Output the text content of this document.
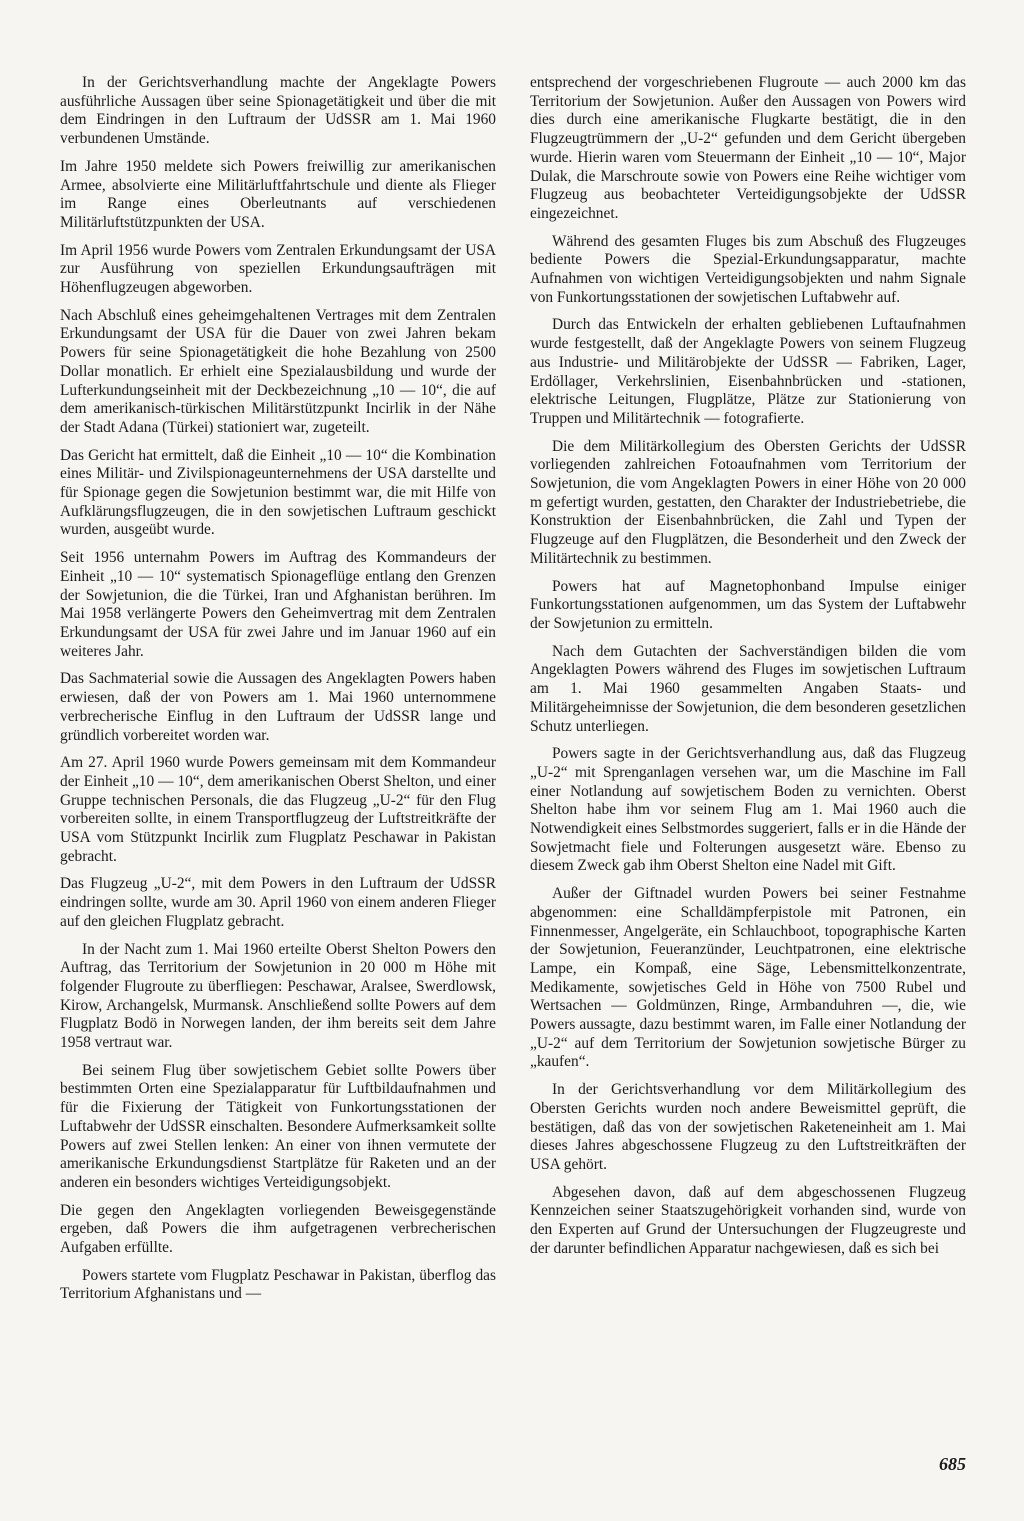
In der Gerichtsverhandlung machte der Angeklagte Powers ausführliche Aussagen über seine Spionagetätigkeit und über die mit dem Eindringen in den Luftraum der UdSSR am 1. Mai 1960 verbundenen Umstände.

Im Jahre 1950 meldete sich Powers freiwillig zur amerikanischen Armee, absolvierte eine Militärluftfahrtschule und diente als Flieger im Range eines Oberleutnants auf verschiedenen Militärluftstützpunkten der USA.

Im April 1956 wurde Powers vom Zentralen Erkundungsamt der USA zur Ausführung von speziellen Erkundungsaufträgen mit Höhenflugzeugen abgeworben.

Nach Abschluß eines geheimgehaltenen Vertrages mit dem Zentralen Erkundungsamt der USA für die Dauer von zwei Jahren bekam Powers für seine Spionagetätigkeit die hohe Bezahlung von 2500 Dollar monatlich. Er erhielt eine Spezialausbildung und wurde der Lufterkundungseinheit mit der Deckbezeichnung „10 — 10“, die auf dem amerikanisch-türkischen Militärstützpunkt Incirlik in der Nähe der Stadt Adana (Türkei) stationiert war, zugeteilt.

Das Gericht hat ermittelt, daß die Einheit „10 — 10“ die Kombination eines Militär- und Zivilspionageunternehmens der USA darstellte und für Spionage gegen die Sowjetunion bestimmt war, die mit Hilfe von Aufklärungsflugzeugen, die in den sowjetischen Luftraum geschickt wurden, ausgeübt wurde.

Seit 1956 unternahm Powers im Auftrag des Kommandeurs der Einheit „10 — 10“ systematisch Spionageflüge entlang den Grenzen der Sowjetunion, die die Türkei, Iran und Afghanistan berühren. Im Mai 1958 verlängerte Powers den Geheimvertrag mit dem Zentralen Erkundungsamt der USA für zwei Jahre und im Januar 1960 auf ein weiteres Jahr.

Das Sachmaterial sowie die Aussagen des Angeklagten Powers haben erwiesen, daß der von Powers am 1. Mai 1960 unternommene verbrecherische Einflug in den Luftraum der UdSSR lange und gründlich vorbereitet worden war.

Am 27. April 1960 wurde Powers gemeinsam mit dem Kommandeur der Einheit „10 — 10“, dem amerikanischen Oberst Shelton, und einer Gruppe technischen Personals, die das Flugzeug „U-2“ für den Flug vorbereiten sollte, in einem Transportflugzeug der Luftstreitkräfte der USA vom Stützpunkt Incirlik zum Flugplatz Peschawar in Pakistan gebracht.

Das Flugzeug „U-2“, mit dem Powers in den Luftraum der UdSSR eindringen sollte, wurde am 30. April 1960 von einem anderen Flieger auf den gleichen Flugplatz gebracht.

In der Nacht zum 1. Mai 1960 erteilte Oberst Shelton Powers den Auftrag, das Territorium der Sowjetunion in 20 000 m Höhe mit folgender Flugroute zu überfliegen: Peschawar, Aralsee, Swerdlowsk, Kirow, Archangelsk, Murmansk. Anschließend sollte Powers auf dem Flugplatz Bodö in Norwegen landen, der ihm bereits seit dem Jahre 1958 vertraut war.

Bei seinem Flug über sowjetischem Gebiet sollte Powers über bestimmten Orten eine Spezialapparatur für Luftbildaufnahmen und für die Fixierung der Tätigkeit von Funkortungsstationen der Luftabwehr der UdSSR einschalten. Besondere Aufmerksamkeit sollte Powers auf zwei Stellen lenken: An einer von ihnen vermutete der amerikanische Erkundungsdienst Startplätze für Raketen und an der anderen ein besonders wichtiges Verteidigungsobjekt.

Die gegen den Angeklagten vorliegenden Beweisgegenstände ergeben, daß Powers die ihm aufgetragenen verbrecherischen Aufgaben erfüllte.

Powers startete vom Flugplatz Peschawar in Pakistan, überflog das Territorium Afghanistans und —

entsprechend der vorgeschriebenen Flugroute — auch 2000 km das Territorium der Sowjetunion. Außer den Aussagen von Powers wird dies durch eine amerikanische Flugkarte bestätigt, die in den Flugzeugtrümmern der „U-2“ gefunden und dem Gericht übergeben wurde. Hierin waren vom Steuermann der Einheit „10 — 10“, Major Dulak, die Marschroute sowie von Powers eine Reihe wichtiger vom Flugzeug aus beobachteter Verteidigungsobjekte der UdSSR eingezeichnet.

Während des gesamten Fluges bis zum Abschuß des Flugzeuges bediente Powers die Spezial-Erkundungsapparatur, machte Aufnahmen von wichtigen Verteidigungsobjekten und nahm Signale von Funkortungsstationen der sowjetischen Luftabwehr auf.

Durch das Entwickeln der erhalten gebliebenen Luftaufnahmen wurde festgestellt, daß der Angeklagte Powers von seinem Flugzeug aus Industrie- und Militärobjekte der UdSSR — Fabriken, Lager, Erdöllager, Verkehrslinien, Eisenbahnbrücken und -stationen, elektrische Leitungen, Flugplätze, Plätze zur Stationierung von Truppen und Militärtechnik — fotografierte.

Die dem Militärkollegium des Obersten Gerichts der UdSSR vorliegenden zahlreichen Fotoaufnahmen vom Territorium der Sowjetunion, die vom Angeklagten Powers in einer Höhe von 20 000 m gefertigt wurden, gestatten, den Charakter der Industriebetriebe, die Konstruktion der Eisenbahnbrücken, die Zahl und Typen der Flugzeuge auf den Flugplätzen, die Besonderheit und den Zweck der Militärtechnik zu bestimmen.

Powers hat auf Magnetophonband Impulse einiger Funkortungsstationen aufgenommen, um das System der Luftabwehr der Sowjetunion zu ermitteln.

Nach dem Gutachten der Sachverständigen bilden die vom Angeklagten Powers während des Fluges im sowjetischen Luftraum am 1. Mai 1960 gesammelten Angaben Staats- und Militärgeheimnisse der Sowjetunion, die dem besonderen gesetzlichen Schutz unterliegen.

Powers sagte in der Gerichtsverhandlung aus, daß das Flugzeug „U-2“ mit Sprenganlagen versehen war, um die Maschine im Fall einer Notlandung auf sowjetischem Boden zu vernichten. Oberst Shelton habe ihm vor seinem Flug am 1. Mai 1960 auch die Notwendigkeit eines Selbstmordes suggeriert, falls er in die Hände der Sowjetmacht fiele und Folterungen ausgesetzt wäre. Ebenso zu diesem Zweck gab ihm Oberst Shelton eine Nadel mit Gift.

Außer der Giftnadel wurden Powers bei seiner Festnahme abgenommen: eine Schalldämpferpistole mit Patronen, ein Finnenmesser, Angelgeräte, ein Schlauchboot, topographische Karten der Sowjetunion, Feueranzünder, Leuchtpatronen, eine elektrische Lampe, ein Kompaß, eine Säge, Lebensmittelkonzentrate, Medikamente, sowjetisches Geld in Höhe von 7500 Rubel und Wertsachen — Goldmünzen, Ringe, Armbanduhren —, die, wie Powers aussagte, dazu bestimmt waren, im Falle einer Notlandung der „U-2“ auf dem Territorium der Sowjetunion sowjetische Bürger zu „kaufen“.

In der Gerichtsverhandlung vor dem Militärkollegium des Obersten Gerichts wurden noch andere Beweismittel geprüft, die bestätigen, daß das von der sowjetischen Raketeneinheit am 1. Mai dieses Jahres abgeschossene Flugzeug zu den Luftstreitkräften der USA gehört.

Abgesehen davon, daß auf dem abgeschossenen Flugzeug Kennzeichen seiner Staatszugehörigkeit vorhanden sind, wurde von den Experten auf Grund der Untersuchungen der Flugzeugreste und der darunter befindlichen Apparatur nachgewiesen, daß es sich bei

685
